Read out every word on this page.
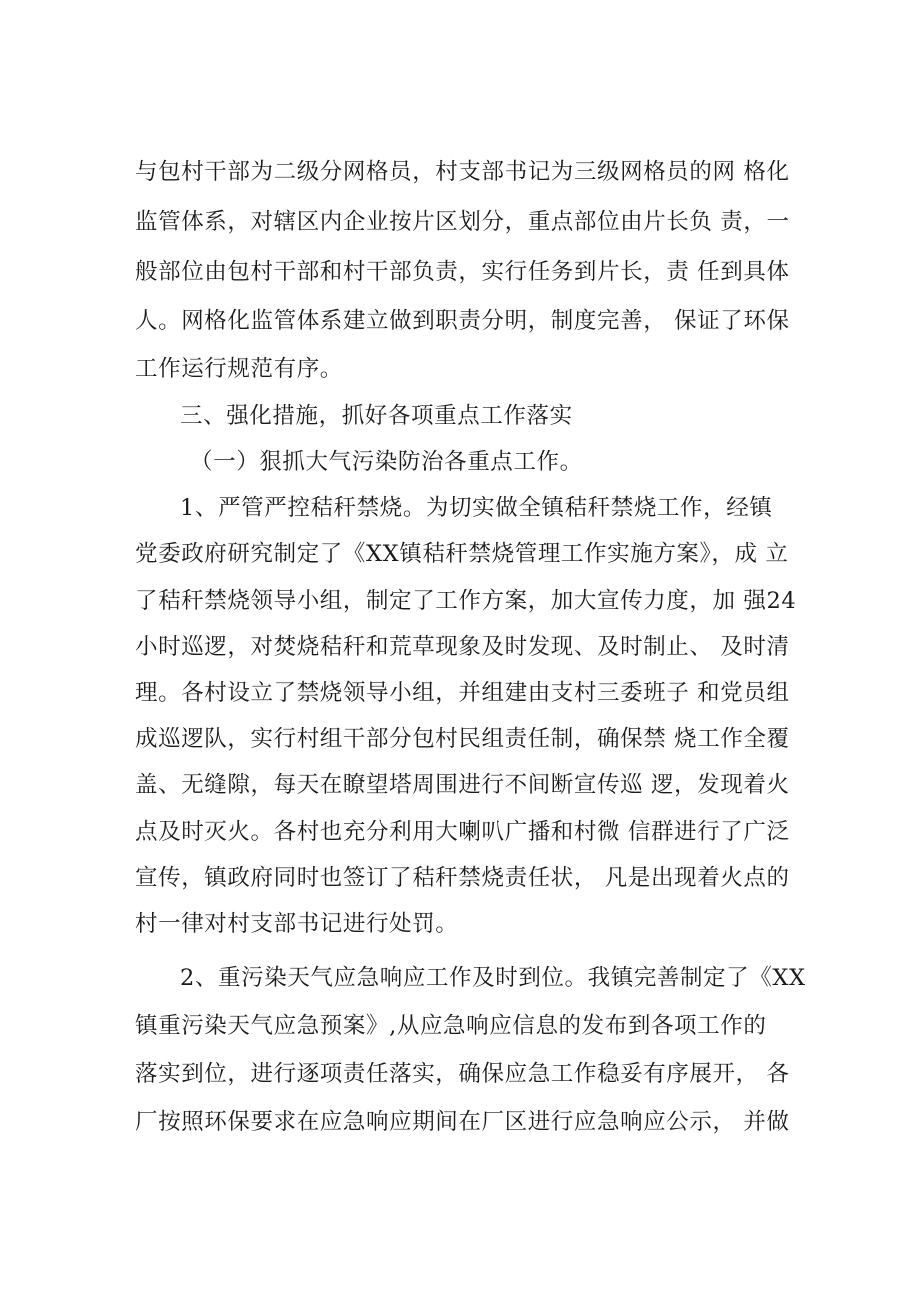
与包村干部为二级分网格员，村支部书记为三级网格员的网 格化
监管体系，对辖区内企业按片区划分，重点部位由片长负 责，一
般部位由包村干部和村干部负责，实行任务到片长，责 任到具体
人。网格化监管体系建立做到职责分明，制度完善， 保证了环保
工作运行规范有序。
三、强化措施，抓好各项重点工作落实
（一）狠抓大气污染防治各重点工作。
1、严管严控秸秆禁烧。为切实做全镇秸秆禁烧工作，经镇
党委政府研究制定了《XX镇秸秆禁烧管理工作实施方案》，成 立
了秸秆禁烧领导小组，制定了工作方案，加大宣传力度，加 强24
小时巡逻，对焚烧秸秆和荒草现象及时发现、及时制止、 及时清
理。各村设立了禁烧领导小组，并组建由支村三委班子 和党员组
成巡逻队，实行村组干部分包村民组责任制，确保禁 烧工作全覆
盖、无缝隙，每天在瞭望塔周围进行不间断宣传巡 逻，发现着火
点及时灭火。各村也充分利用大喇叭广播和村微 信群进行了广泛
宣传，镇政府同时也签订了秸秆禁烧责任状， 凡是出现着火点的
村一律对村支部书记进行处罚。
2、重污染天气应急响应工作及时到位。我镇完善制定了《XX
镇重污染天气应急预案》,从应急响应信息的发布到各项工作的
落实到位，进行逐项责任落实，确保应急工作稳妥有序展开， 各
厂按照环保要求在应急响应期间在厂区进行应急响应公示， 并做
